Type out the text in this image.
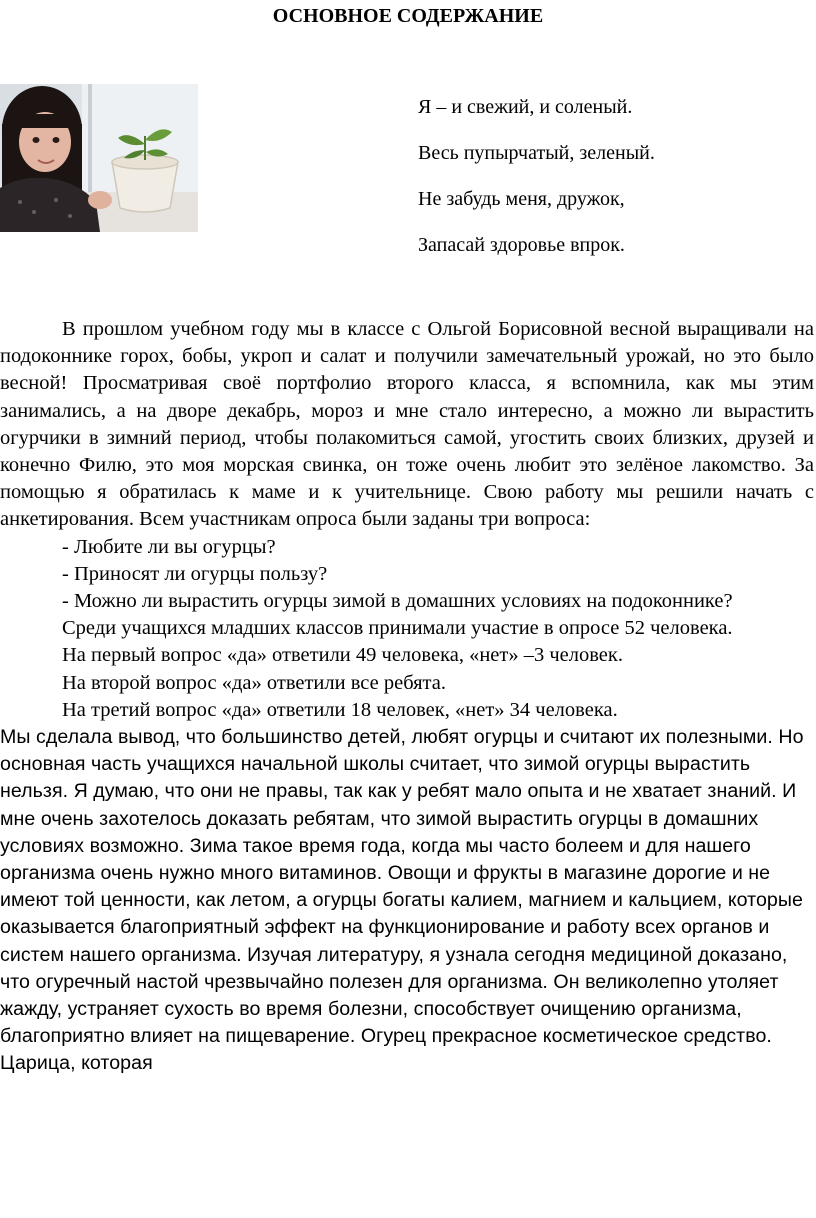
ОСНОВНОЕ СОДЕРЖАНИЕ
Я – и свежий, и соленый.
Весь пупырчатый, зеленый.
Не забудь меня, дружок,
Запасай здоровье впрок.

В прошлом учебном году мы в классе с Ольгой Борисовной весной выращивали на подоконнике горох, бобы, укроп и салат и получили замечательный урожай, но это было весной! Просматривая своё портфолио второго класса, я вспомнила, как мы этим занимались, а на дворе декабрь, мороз и мне стало интересно, а можно ли вырастить огурчики в зимний период, чтобы полакомиться самой, угостить своих близких, друзей и конечно Филю, это моя морская свинка, он тоже очень любит это зелёное лакомство. За помощью я обратилась к маме и к учительнице. Свою работу мы решили начать с анкетирования. Всем участникам опроса были заданы три вопроса:

- Любите ли вы огурцы?

- Приносят ли огурцы пользу?

- Можно ли вырастить огурцы зимой в домашних условиях на подоконнике?

Среди учащихся младших классов принимали участие в опросе 52 человека.

На первый вопрос «да» ответили 49 человека, «нет» –3 человек.

На второй вопрос «да» ответили все ребята.

На третий вопрос «да» ответили 18 человек, «нет» 34 человека.

Мы сделала вывод, что большинство детей, любят огурцы и считают их полезными. Но основная часть учащихся начальной школы считает, что зимой огурцы вырастить нельзя. Я думаю, что они не правы, так как у ребят мало опыта и не хватает знаний. И мне очень захотелось доказать ребятам, что зимой вырастить огурцы в домашних условиях возможно. Зима такое время года, когда мы часто болеем и для нашего организма очень нужно много витаминов. Овощи и фрукты в магазине дорогие и не имеют той ценности, как летом, а огурцы богаты калием, магнием и кальцием, которые оказывается благоприятный эффект на функционирование и работу всех органов и систем нашего организма. Изучая литературу, я узнала сегодня медициной доказано, что огуречный настой чрезвычайно полезен для организма. Он великолепно утоляет жажду, устраняет сухость во время болезни, способствует очищению организма, благоприятно влияет на пищеварение. Огурец прекрасное косметическое средство. Царица, которая
